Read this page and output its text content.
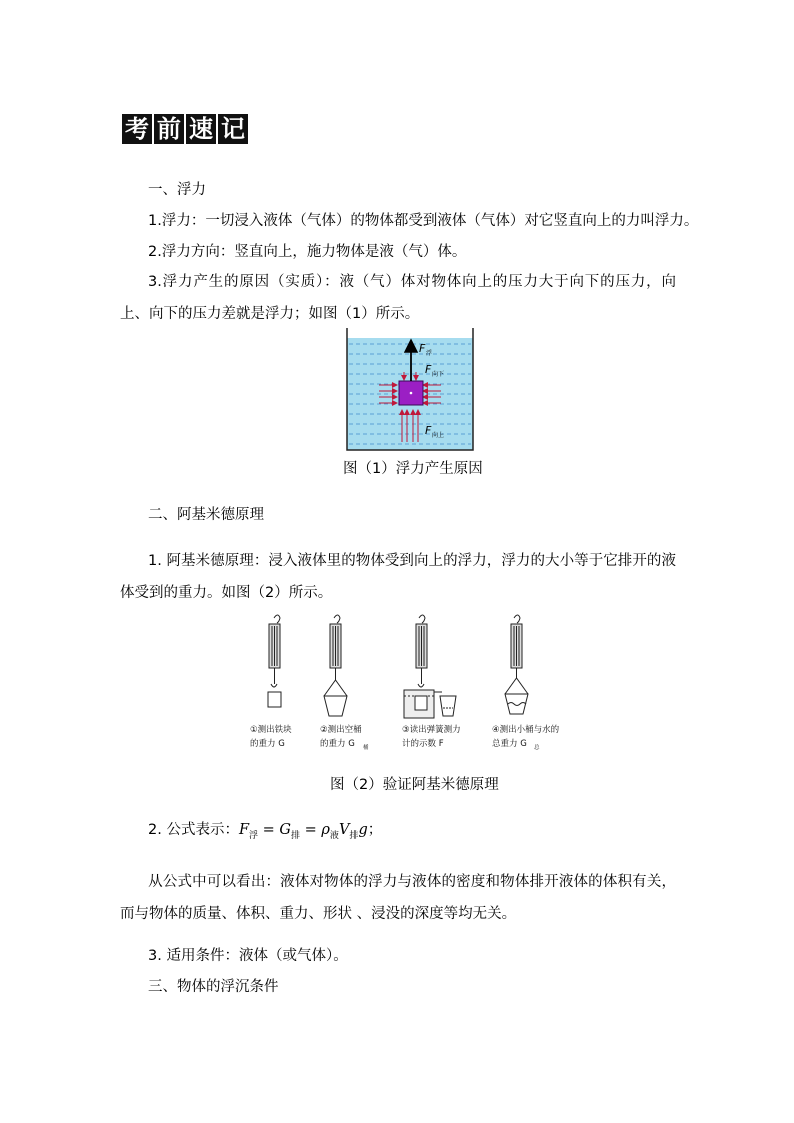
考 前 速 记
一、浮力
1.浮力：一切浸入液体（气体）的物体都受到液体（气体）对它竖直向上的力叫浮力。
2.浮力方向：竖直向上，施力物体是液（气）体。
3.浮力产生的原因（实质）：液（气）体对物体向上的压力大于向下的压力，向上、向下的压力差就是浮力；如图（1）所示。
F 浮
F 向下
F 向上
图（1）浮力产生原因
二、阿基米德原理
1. 阿基米德原理：浸入液体里的物体受到向上的浮力，浮力的大小等于它排开的液体受到的重力。如图（2）所示。
①测出铁块
的重力 G
②测出空桶
的重力 G 桶
③读出弹簧测力
计的示数 F
④测出小桶与水的
总重力 G 总
图（2）验证阿基米德原理
2. 公式表示：$F_浮 = G_排 = \rho_液V_排g$；
从公式中可以看出：液体对物体的浮力与液体的密度和物体排开液体的体积有关，而与物体的质量、体积、重力、形状 、浸没的深度等均无关。
3. 适用条件：液体（或气体）。
三、物体的浮沉条件
